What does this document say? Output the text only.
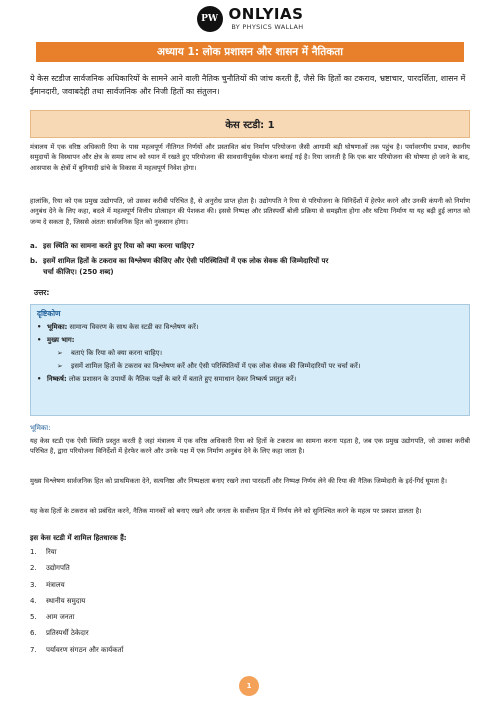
PW ONLYIAS
BY PHYSICS WALLAH
अध्याय 1: लोक प्रशासन और शासन में नैतिकता
ये केस स्टडीज सार्वजनिक अधिकारियों के सामने आने वाली नैतिक चुनौतियों की जांच करती हैं, जैसे कि हितों का टकराव, भ्रष्टाचार, पारदर्शिता, शासन में ईमानदारी, जवाबदेही तथा सार्वजनिक और निजी हितों का संतुलन।
केस स्टडी: 1
मंत्रालय में एक वरिष्ठ अधिकारी रिया के पास महत्वपूर्ण नीतिगत निर्णयों और प्रस्तावित बांध निर्माण परियोजना जैसी आगामी बड़ी घोषणाओं तक पहुंच है। पर्यावरणीय प्रभाव, स्थानीय समुदायों के विस्थापन और क्षेत्र के समग्र लाभ को ध्यान में रखते हुए परियोजना की सावधानीपूर्वक योजना बनाई गई है। रिया जानती है कि एक बार परियोजना की घोषणा हो जाने के बाद, आसपास के क्षेत्रों में बुनियादी ढांचे के विकास में महत्वपूर्ण निवेश होगा।
हालांकि, रिया को एक प्रमुख उद्योगपति, जो उसका करीबी परिचित है, से अनुरोध प्राप्त होता है। उद्योगपति ने रिया से परियोजना के विनिर्देशों में हेरफेर करने और उनकी कंपनी को निर्माण अनुबंध देने के लिए कहा, बदले में महत्वपूर्ण वित्तीय प्रोत्साहन की पेशकश की। इससे निष्पक्ष और प्रतिस्पर्धी बोली प्रक्रिया से समझौता होगा और घटिया निर्माण या यह बढ़ी हुई लागत को जन्म दे सकता है, जिससे अंततः सार्वजनिक हित को नुकसान होगा।
a. इस स्थिति का सामना करते हुए रिया को क्या करना चाहिए?
b. इसमें शामिल हितों के टकराव का विश्लेषण कीजिए और ऐसी परिस्थितियों में एक लोक सेवक की जिम्मेदारियों पर
चर्चा कीजिए। (250 शब्द)
उत्तर:
दृष्टिकोण
• भूमिका: सामान्य विवरण के साथ केस स्टडी का विश्लेषण करें।
• मुख्य भाग:
➢	बताएं कि रिया को क्या करना चाहिए।
➢	इसमें शामिल हितों के टकराव का विश्लेषण करें और ऐसी परिस्थितियों में एक लोक सेवक की जिम्मेदारियों पर चर्चा करें।
• निष्कर्ष: लोक प्रशासन के उपायों के नैतिक पक्षों के बारे में बताते हुए समाधान देकर निष्कर्ष प्रस्तुत करें।
भूमिका:
यह केस स्टडी एक ऐसी स्थिति प्रस्तुत करती है जहां मंत्रालय में एक वरिष्ठ अधिकारी रिया को हितों के टकराव का सामना करना पड़ता है, जब एक प्रमुख उद्योगपति, जो उसका करीबी परिचित है, द्वारा परियोजना विनिर्देशों में हेरफेर करने और उनके पक्ष में एक निर्माण अनुबंध देने के लिए कहा जाता है।
मुख्य विश्लेषण सार्वजनिक हित को प्राथमिकता देने, सत्यनिष्ठा और निष्पक्षता बनाए रखने तथा पारदर्शी और निष्पक्ष निर्णय लेने की रिया की नैतिक जिम्मेदारी के इर्द-गिर्द घूमता है।
यह केस हितों के टकराव को प्रबंधित करने, नैतिक मानकों को बनाए रखने और जनता के सर्वोत्तम हित में निर्णय लेने को सुनिश्चित करने के महत्व पर प्रकाश डालता है।
इस केस स्टडी में शामिल हितधारक हैं:
1.	रिया
2.	उद्योगपति
3.	मंत्रालय
4.	स्थानीय समुदाय
5.	आम जनता
6.	प्रतिस्पर्धी ठेकेदार
7.	पर्यावरण संगठन और कार्यकर्ता
1
